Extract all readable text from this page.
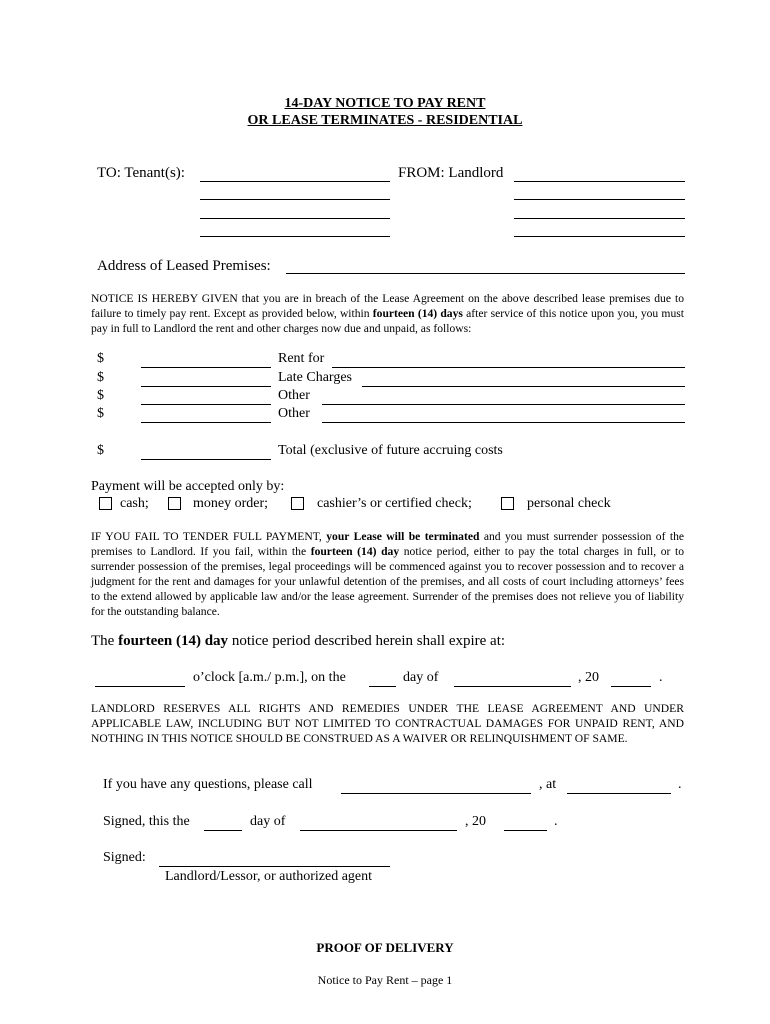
14-DAY NOTICE TO PAY RENT
OR LEASE TERMINATES - RESIDENTIAL
TO: Tenant(s):	FROM: Landlord
Address of Leased Premises:
NOTICE IS HEREBY GIVEN that you are in breach of the Lease Agreement on the above described lease premises due to failure to timely pay rent. Except as provided below, within fourteen (14) days after service of this notice upon you, you must pay in full to Landlord the rent and other charges now due and unpaid, as follows:
$	Rent for
$	Late Charges
$	Other
$	Other
$	Total (exclusive of future accruing costs
Payment will be accepted only by:
cash;	money order;	cashier’s or certified check;	personal check
IF YOU FAIL TO TENDER FULL PAYMENT, your Lease will be terminated and you must surrender possession of the premises to Landlord. If you fail, within the fourteen (14) day notice period, either to pay the total charges in full, or to surrender possession of the premises, legal proceedings will be commenced against you to recover possession and to recover a judgment for the rent and damages for your unlawful detention of the premises, and all costs of court including attorneys’ fees to the extend allowed by applicable law and/or the lease agreement. Surrender of the premises does not relieve you of liability for the outstanding balance.
The fourteen (14) day notice period described herein shall expire at:
o’clock [a.m./ p.m.], on the	day of	, 20	.
LANDLORD RESERVES ALL RIGHTS AND REMEDIES UNDER THE LEASE AGREEMENT AND UNDER APPLICABLE LAW, INCLUDING BUT NOT LIMITED TO CONTRACTUAL DAMAGES FOR UNPAID RENT, AND NOTHING IN THIS NOTICE SHOULD BE CONSTRUED AS A WAIVER OR RELINQUISHMENT OF SAME.
If you have any questions, please call	, at	.
Signed, this the	day of	, 20	.
Signed:
Landlord/Lessor, or authorized agent
PROOF OF DELIVERY
Notice to Pay Rent – page 1
